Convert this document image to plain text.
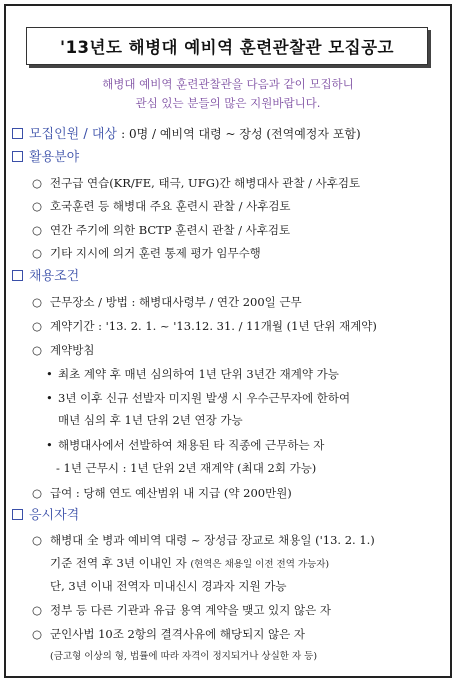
'13년도 해병대 예비역 훈련관찰관 모집공고
해병대 예비역 훈련관찰관을 다음과 같이 모집하니
관심 있는 분들의 많은 지원바랍니다.
모집인원 / 대상 : 0명 / 예비역 대령 ~ 장성 (전역예정자 포함)
활용분야
○ 전구급 연습(KR/FE, 태극, UFG)간 해병대사 관찰 / 사후검토
○ 호국훈련 등 해병대 주요 훈련시 관찰 / 사후검토
○ 연간 주기에 의한 BCTP 훈련시 관찰 / 사후검토
○ 기타 지시에 의거 훈련 통제 평가 임무수행
채용조건
○ 근무장소 / 방법 : 해병대사령부 / 연간 200일 근무
○ 계약기간 : '13. 2. 1. ~ '13.12. 31. / 11개월 (1년 단위 재계약)
○ 계약방침
• 최초 계약 후 매년 심의하여 1년 단위 3년간 재계약 가능
• 3년 이후 신규 선발자 미지원 발생 시 우수근무자에 한하여
매년 심의 후 1년 단위 2년 연장 가능
• 해병대사에서 선발하여 채용된 타 직종에 근무하는 자
- 1년 근무시 : 1년 단위 2년 재계약 (최대 2회 가능)
○ 급여 : 당해 연도 예산범위 내 지급 (약 200만원)
응시자격
○ 해병대 全 병과 예비역 대령 ~ 장성급 장교로 채용일 ('13. 2. 1.)
기준 전역 후 3년 이내인 자 (현역은 채용일 이전 전역 가능자)
단, 3년 이내 전역자 미내신시 경과자 지원 가능
○ 정부 등 다른 기관과 유급 용역 계약을 맺고 있지 않은 자
○ 군인사법 10조 2항의 결격사유에 해당되지 않은 자
(금고형 이상의 형, 법률에 따라 자격이 정지되거나 상실한 자 등)
